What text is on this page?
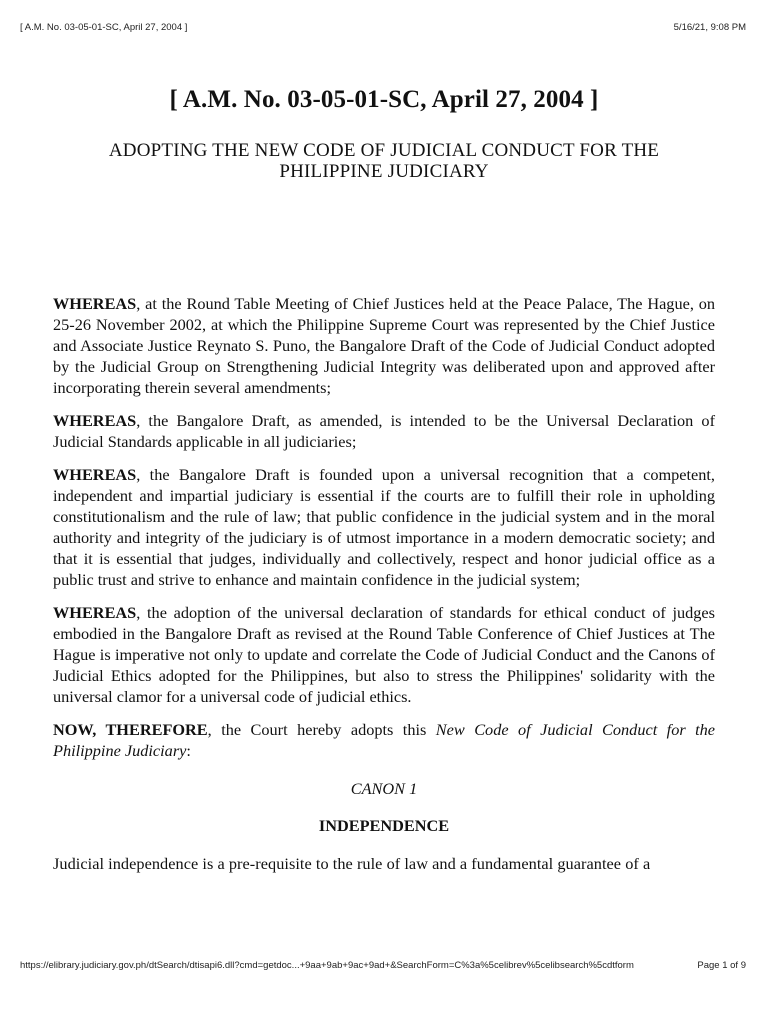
[ A.M. No. 03-05-01-SC, April 27, 2004 ]	5/16/21, 9:08 PM
[ A.M. No. 03-05-01-SC, April 27, 2004 ]
ADOPTING THE NEW CODE OF JUDICIAL CONDUCT FOR THE
PHILIPPINE JUDICIARY

WHEREAS, at the Round Table Meeting of Chief Justices held at the Peace Palace, The Hague, on 25-26 November 2002, at which the Philippine Supreme Court was represented by the Chief Justice and Associate Justice Reynato S. Puno, the Bangalore Draft of the Code of Judicial Conduct adopted by the Judicial Group on Strengthening Judicial Integrity was deliberated upon and approved after incorporating therein several amendments;

WHEREAS, the Bangalore Draft, as amended, is intended to be the Universal Declaration of Judicial Standards applicable in all judiciaries;

WHEREAS, the Bangalore Draft is founded upon a universal recognition that a competent, independent and impartial judiciary is essential if the courts are to fulfill their role in upholding constitutionalism and the rule of law; that public confidence in the judicial system and in the moral authority and integrity of the judiciary is of utmost importance in a modern democratic society; and that it is essential that judges, individually and collectively, respect and honor judicial office as a public trust and strive to enhance and maintain confidence in the judicial system;

WHEREAS, the adoption of the universal declaration of standards for ethical conduct of judges embodied in the Bangalore Draft as revised at the Round Table Conference of Chief Justices at The Hague is imperative not only to update and correlate the Code of Judicial Conduct and the Canons of Judicial Ethics adopted for the Philippines, but also to stress the Philippines' solidarity with the universal clamor for a universal code of judicial ethics.

NOW, THEREFORE, the Court hereby adopts this New Code of Judicial Conduct for the Philippine Judiciary:

CANON 1

INDEPENDENCE

Judicial independence is a pre-requisite to the rule of law and a fundamental guarantee of a

https://elibrary.judiciary.gov.ph/dtSearch/dtisapi6.dll?cmd=getdoc...+9aa+9ab+9ac+9ad+&SearchForm=C%3a%5celibrev%5celibsearch%5cdtform	Page 1 of 9
